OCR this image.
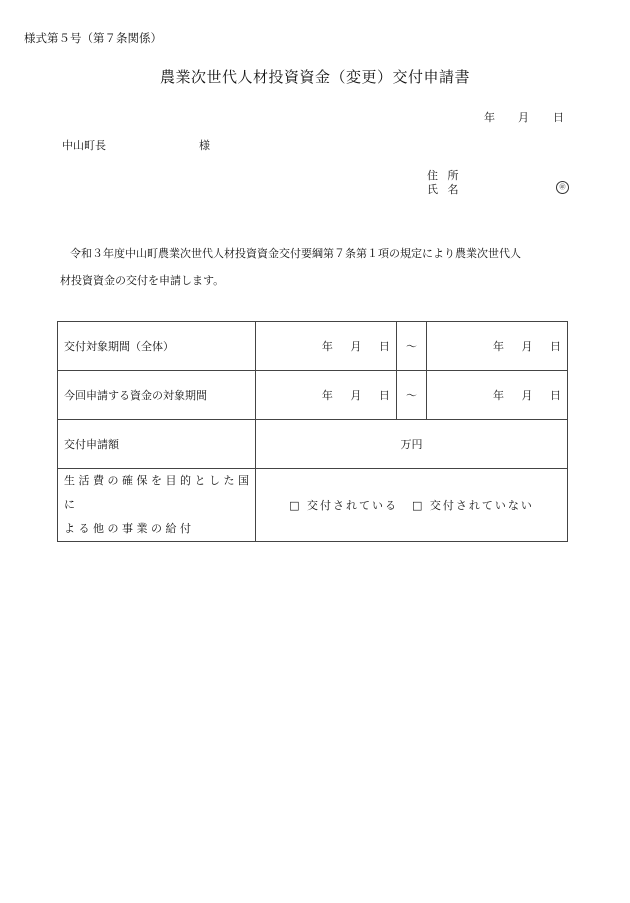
様式第５号（第７条関係）
農業次世代人材投資資金（変更）交付申請書
年 月 日
中山町長	様
住 所
氏 名	㊞

令和３年度中山町農業次世代人材投資資金交付要綱第７条第１項の規定により農業次世代人

材投資資金の交付を申請します。

交付対象期間（全体）	年 月 日	～	年 月 日
今回申請する資金の対象期間	年 月 日	～	年 月 日
交付申請額	万円		

生 活 費 の 確 保 を 目 的 と し た 国 に
よ る 他 の 事 業 の 給 付	□ 交付されている □ 交付されていない		
